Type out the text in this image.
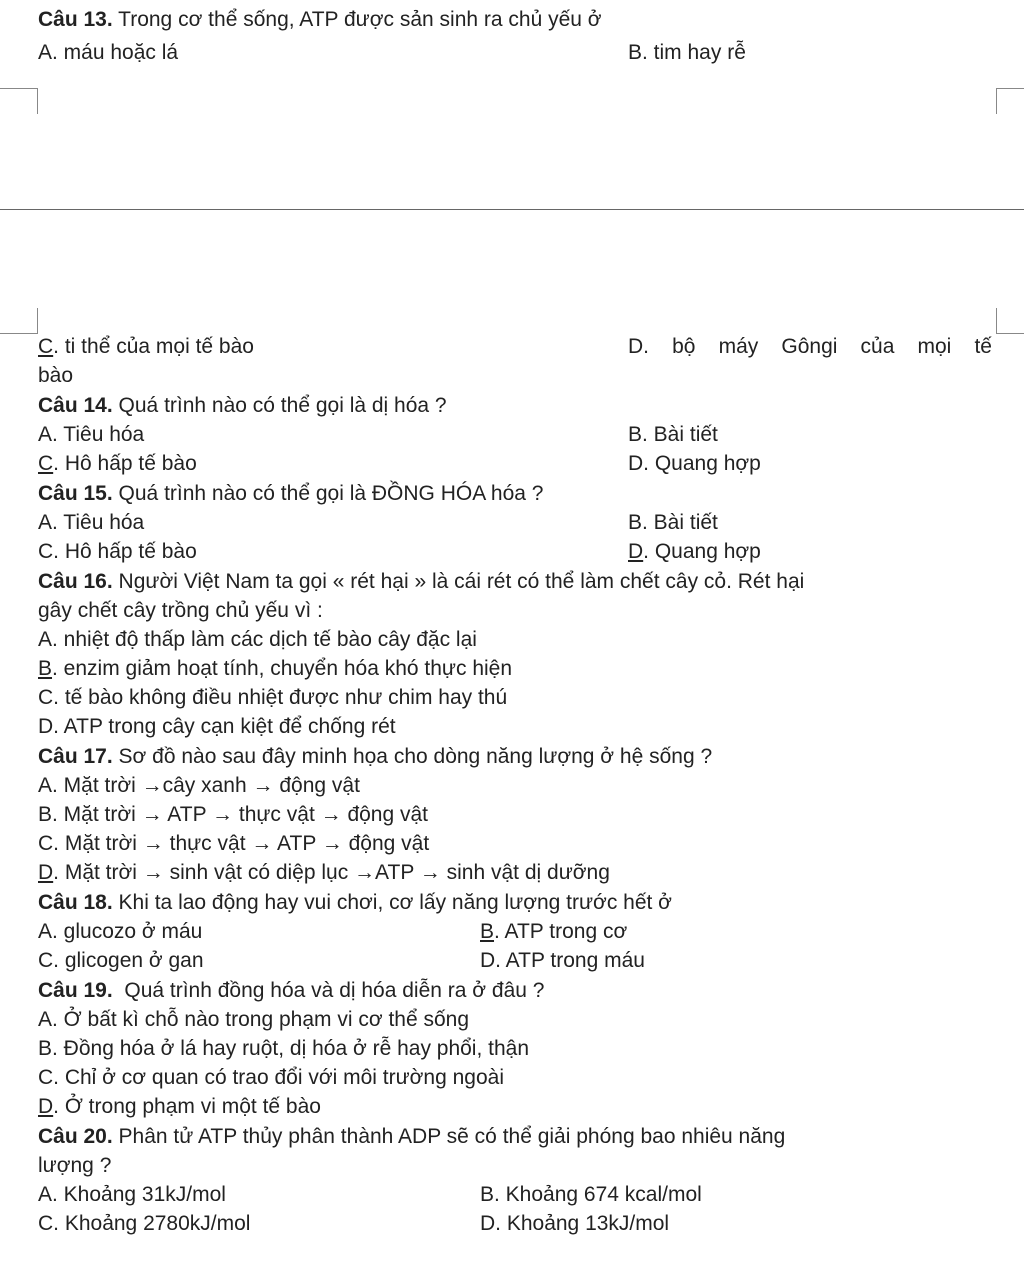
Câu 13. Trong cơ thể sống, ATP được sản sinh ra chủ yếu ở
A. máu hoặc lá	B. tim hay rễ
C. ti thể của mọi tế bào	D. bộ máy Gôngi của mọi tế
bào
Câu 14. Quá trình nào có thể gọi là dị hóa ?
A. Tiêu hóa	B. Bài tiết
C. Hô hấp tế bào	D. Quang hợp
Câu 15. Quá trình nào có thể gọi là ĐỒNG HÓA hóa ?
A. Tiêu hóa	B. Bài tiết
C. Hô hấp tế bào	D. Quang hợp
Câu 16. Người Việt Nam ta gọi « rét hại » là cái rét có thể làm chết cây cỏ. Rét hại
gây chết cây trồng chủ yếu vì :
A. nhiệt độ thấp làm các dịch tế bào cây đặc lại
B. enzim giảm hoạt tính, chuyển hóa khó thực hiện
C. tế bào không điều nhiệt được như chim hay thú
D. ATP trong cây cạn kiệt để chống rét
Câu 17. Sơ đồ nào sau đây minh họa cho dòng năng lượng ở hệ sống ?
A. Mặt trời →cây xanh → động vật
B. Mặt trời → ATP → thực vật → động vật
C. Mặt trời → thực vật → ATP → động vật
D. Mặt trời → sinh vật có diệp lục →ATP → sinh vật dị dưỡng
Câu 18. Khi ta lao động hay vui chơi, cơ lấy năng lượng trước hết ở
A. glucozo ở máu	B. ATP trong cơ
C. glicogen ở gan	D. ATP trong máu
Câu 19.  Quá trình đồng hóa và dị hóa diễn ra ở đâu ?
A. Ở bất kì chỗ nào trong phạm vi cơ thể sống
B. Đồng hóa ở lá hay ruột, dị hóa ở rễ hay phổi, thận
C. Chỉ ở cơ quan có trao đổi với môi trường ngoài
D. Ở trong phạm vi một tế bào
Câu 20. Phân tử ATP thủy phân thành ADP sẽ có thể giải phóng bao nhiêu năng
lượng ?
A. Khoảng 31kJ/mol	B. Khoảng 674 kcal/mol
C. Khoảng 2780kJ/mol	D. Khoảng 13kJ/mol
